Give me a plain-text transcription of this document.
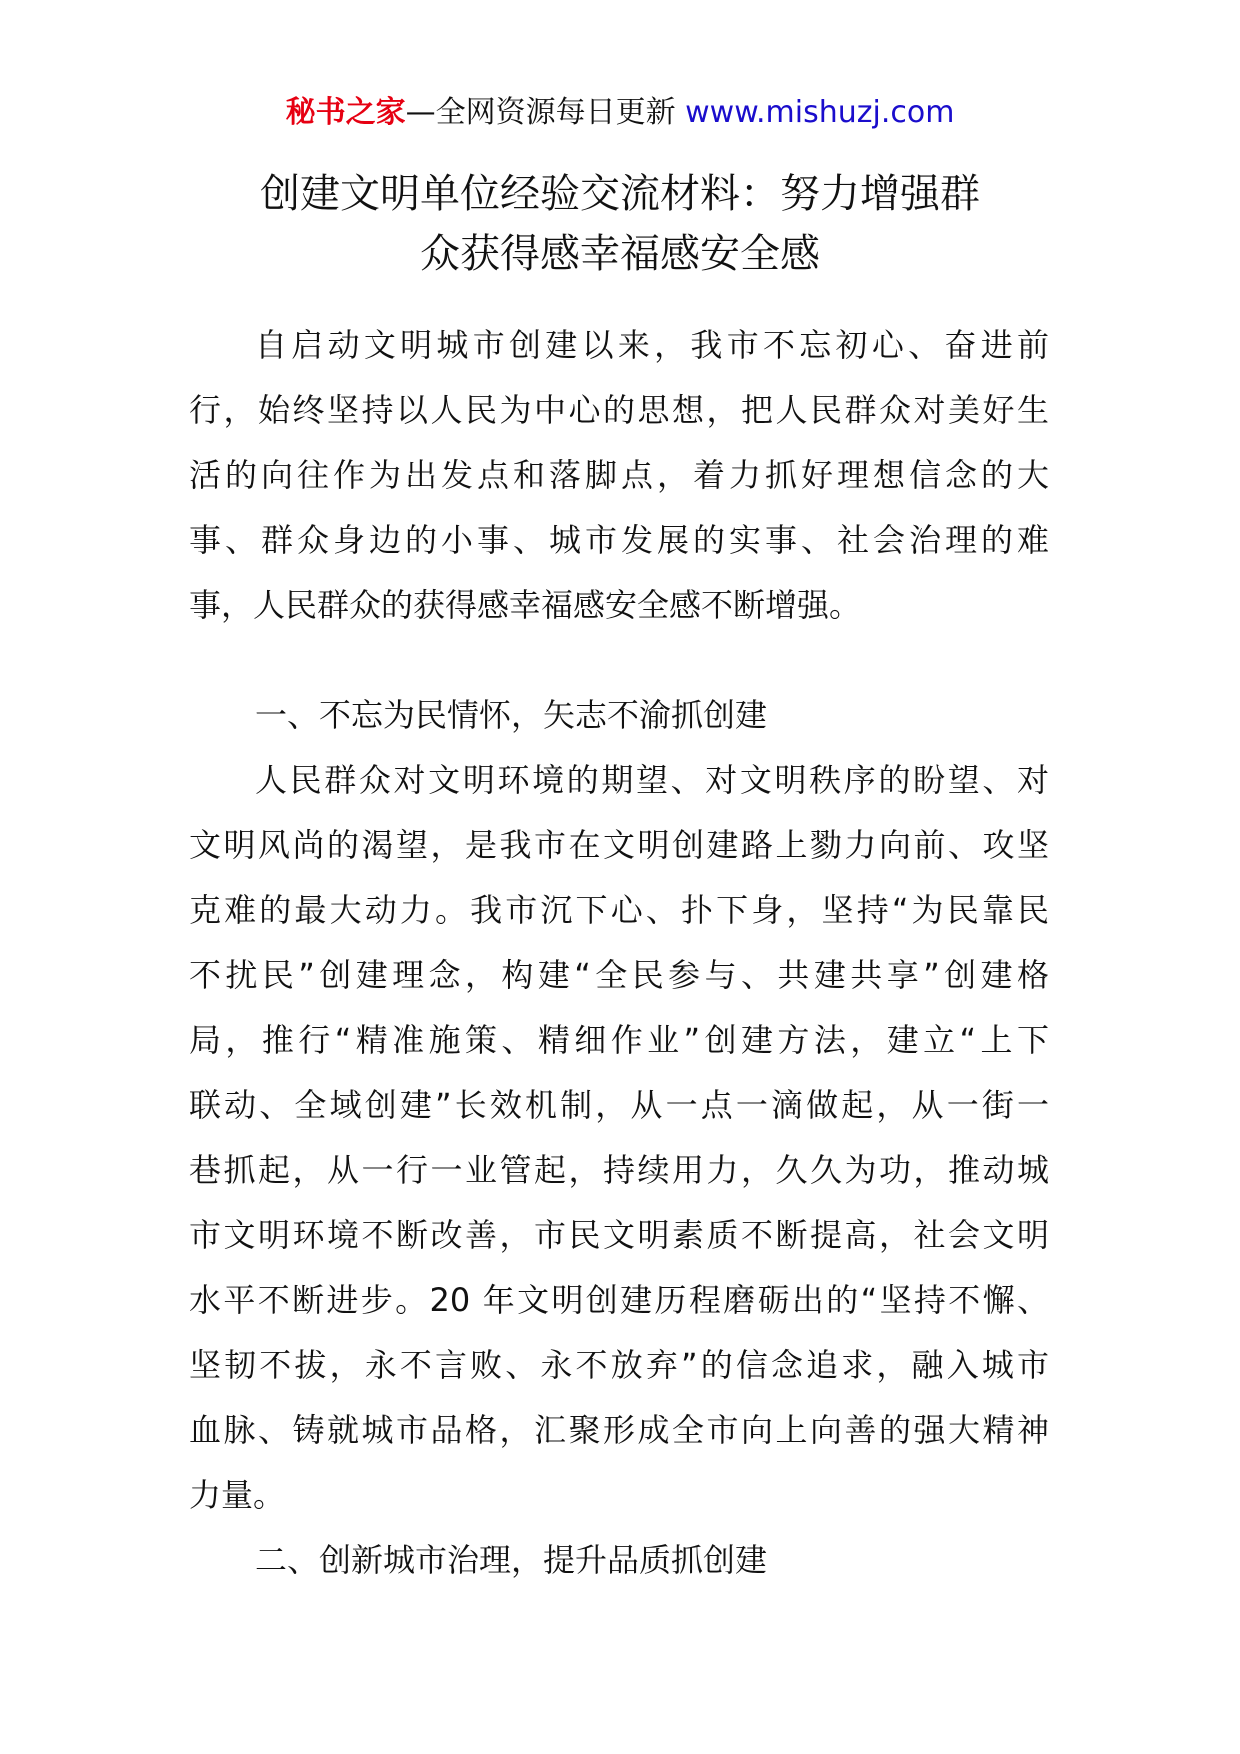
秘书之家—全网资源每日更新 www.mishuzj.com
创建文明单位经验交流材料：努力增强群
众获得感幸福感安全感
自启动文明城市创建以来，我市不忘初心、奋进前
行，始终坚持以人民为中心的思想，把人民群众对美好生
活的向往作为出发点和落脚点，着力抓好理想信念的大
事、群众身边的小事、城市发展的实事、社会治理的难
事，人民群众的获得感幸福感安全感不断增强。
一、不忘为民情怀，矢志不渝抓创建
人民群众对文明环境的期望、对文明秩序的盼望、对
文明风尚的渴望，是我市在文明创建路上勠力向前、攻坚
克难的最大动力。我市沉下心、扑下身，坚持“为民靠民
不扰民”创建理念，构建“全民参与、共建共享”创建格
局，推行“精准施策、精细作业”创建方法，建立“上下
联动、全域创建”长效机制，从一点一滴做起，从一街一
巷抓起，从一行一业管起，持续用力，久久为功，推动城
市文明环境不断改善，市民文明素质不断提高，社会文明
水平不断进步。20 年文明创建历程磨砺出的“坚持不懈、
坚韧不拔，永不言败、永不放弃”的信念追求，融入城市
血脉、铸就城市品格，汇聚形成全市向上向善的强大精神
力量。
二、创新城市治理，提升品质抓创建
